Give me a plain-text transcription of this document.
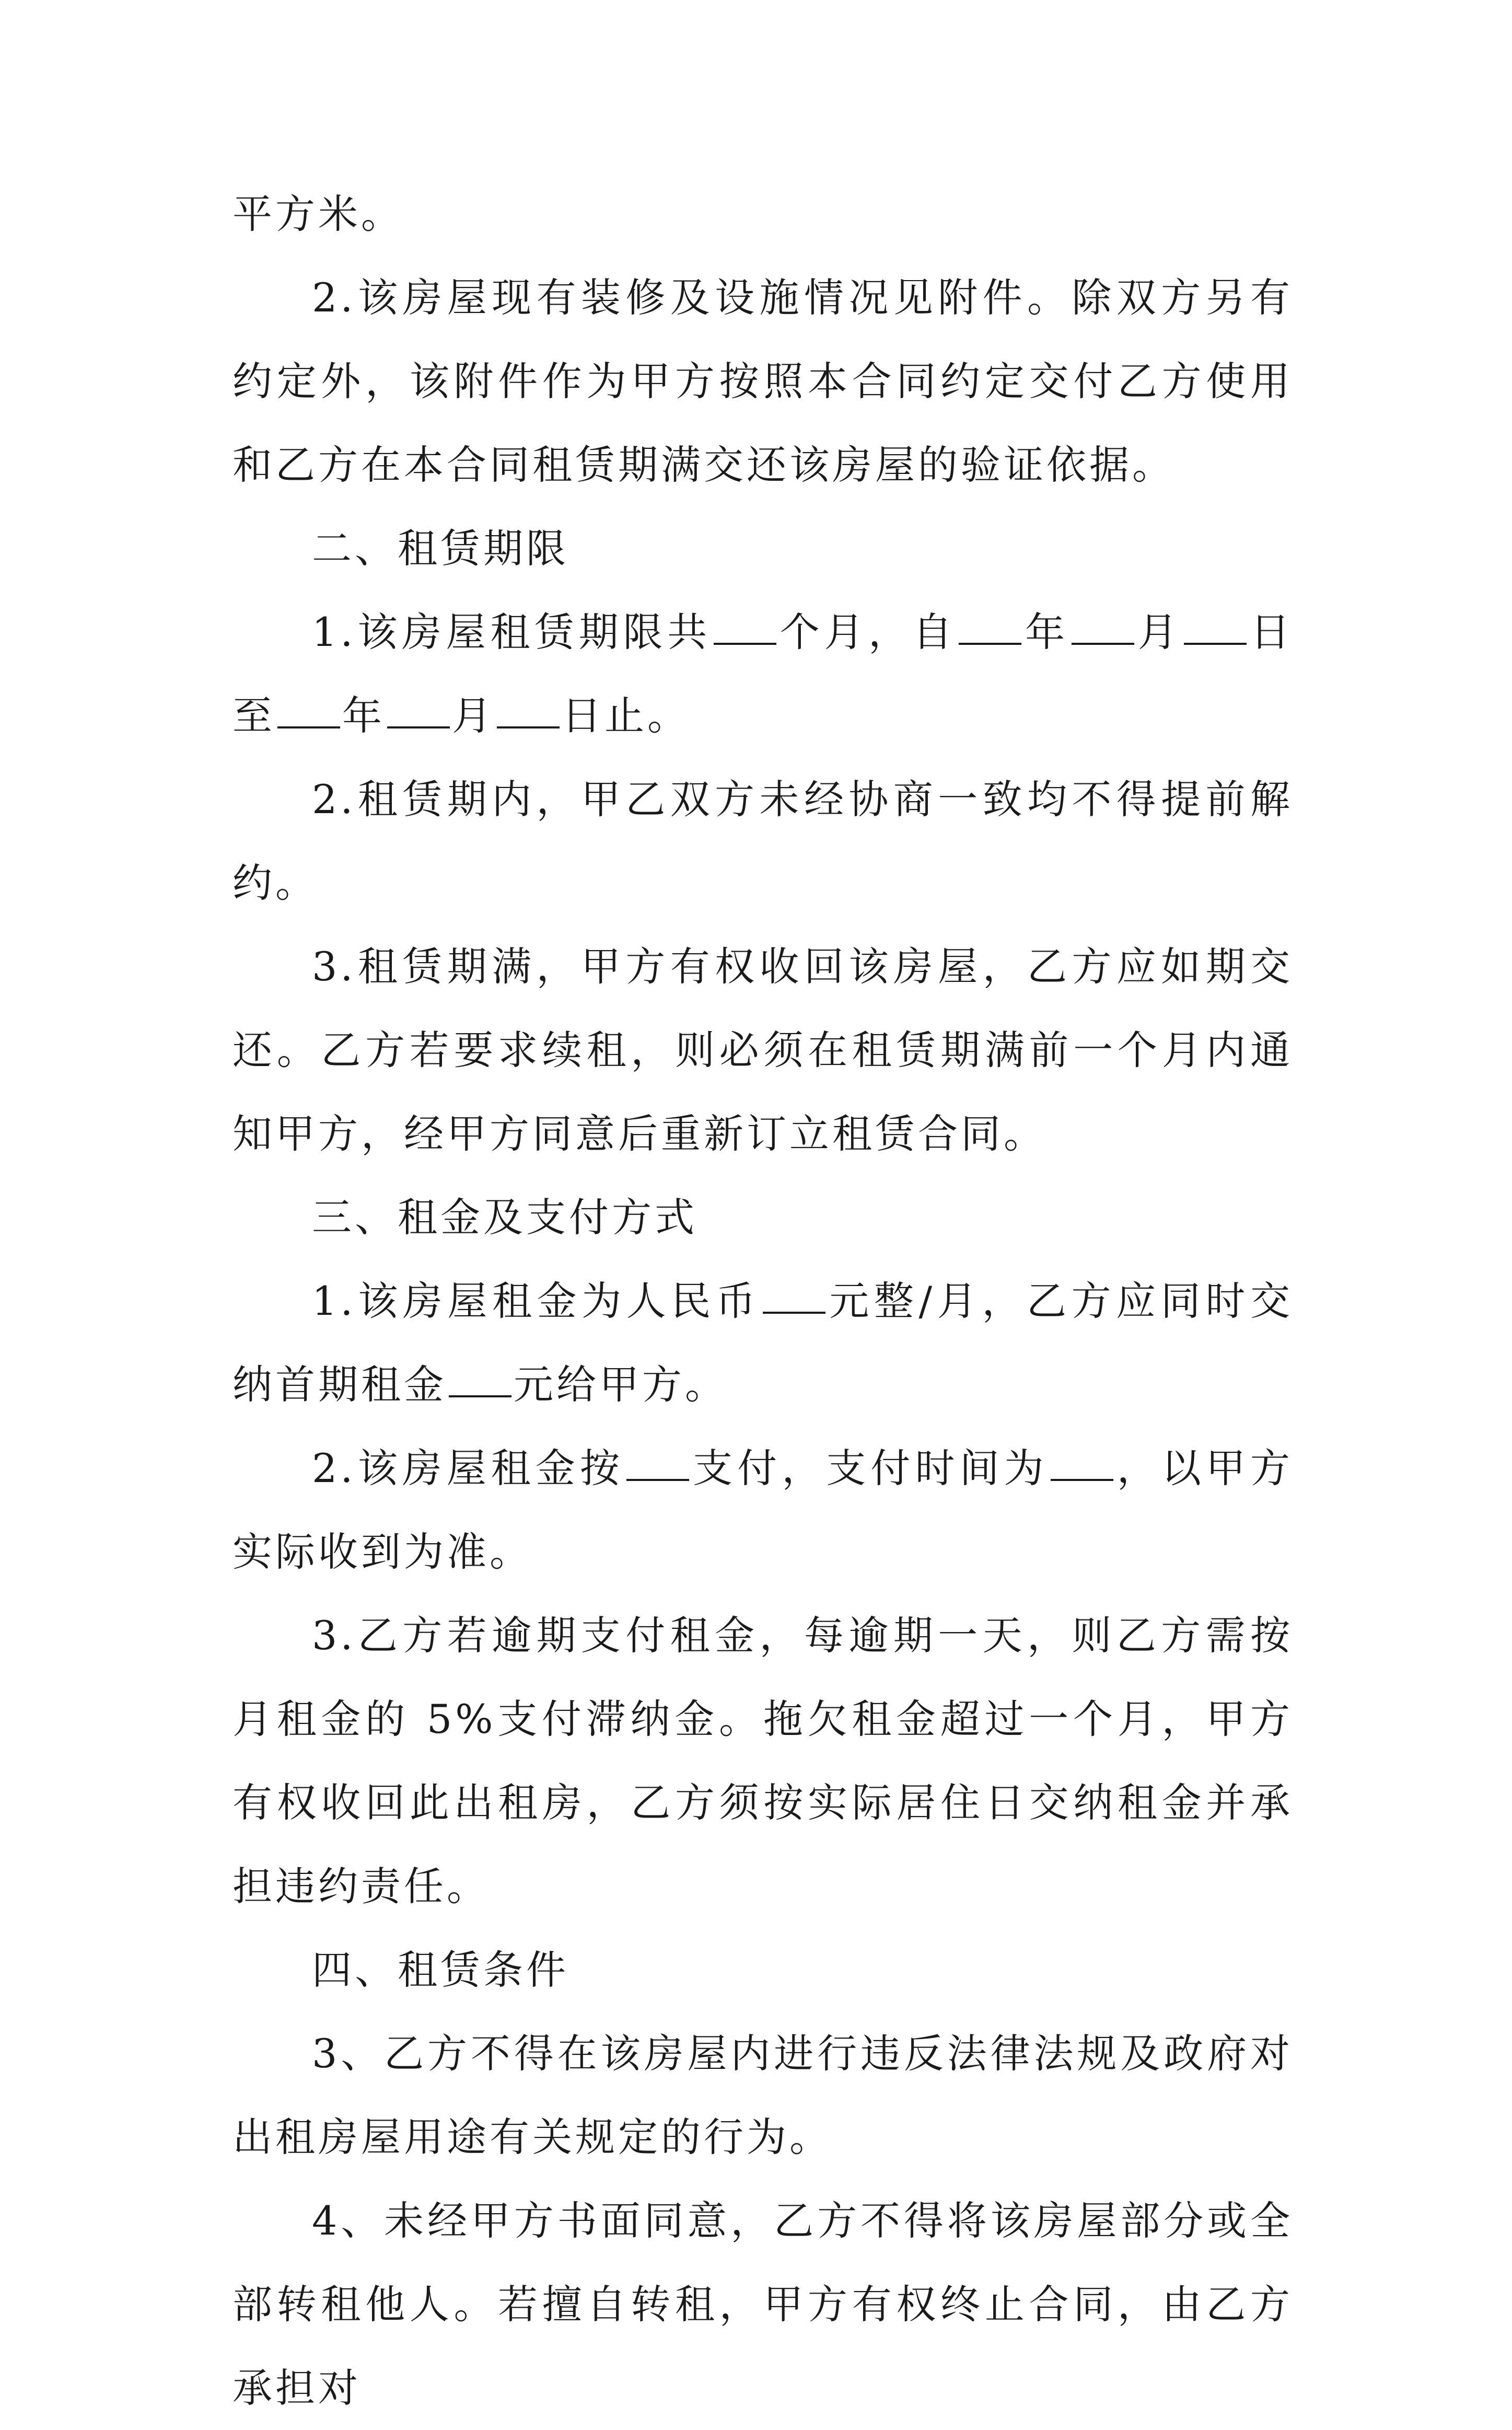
平方米。

2.该房屋现有装修及设施情况见附件。除双方另有约定外，该附件作为甲方按照本合同约定交付乙方使用和乙方在本合同租赁期满交还该房屋的验证依据。

二、租赁期限

1.该房屋租赁期限共 个月，自 年 月 日至 年 月 日止。

2.租赁期内，甲乙双方未经协商一致均不得提前解约。

3.租赁期满，甲方有权收回该房屋，乙方应如期交还。乙方若要求续租，则必须在租赁期满前一个月内通知甲方，经甲方同意后重新订立租赁合同。

三、租金及支付方式

1.该房屋租金为人民币 元整/月，乙方应同时交纳首期租金 元给甲方。

2.该房屋租金按 支付，支付时间为 ，以甲方实际收到为准。

3.乙方若逾期支付租金，每逾期一天，则乙方需按月租金的 5%支付滞纳金。拖欠租金超过一个月，甲方有权收回此出租房，乙方须按实际居住日交纳租金并承担违约责任。

四、租赁条件

3、乙方不得在该房屋内进行违反法律法规及政府对出租房屋用途有关规定的行为。

4、未经甲方书面同意，乙方不得将该房屋部分或全部转租他人。若擅自转租，甲方有权终止合同，由乙方承担对
